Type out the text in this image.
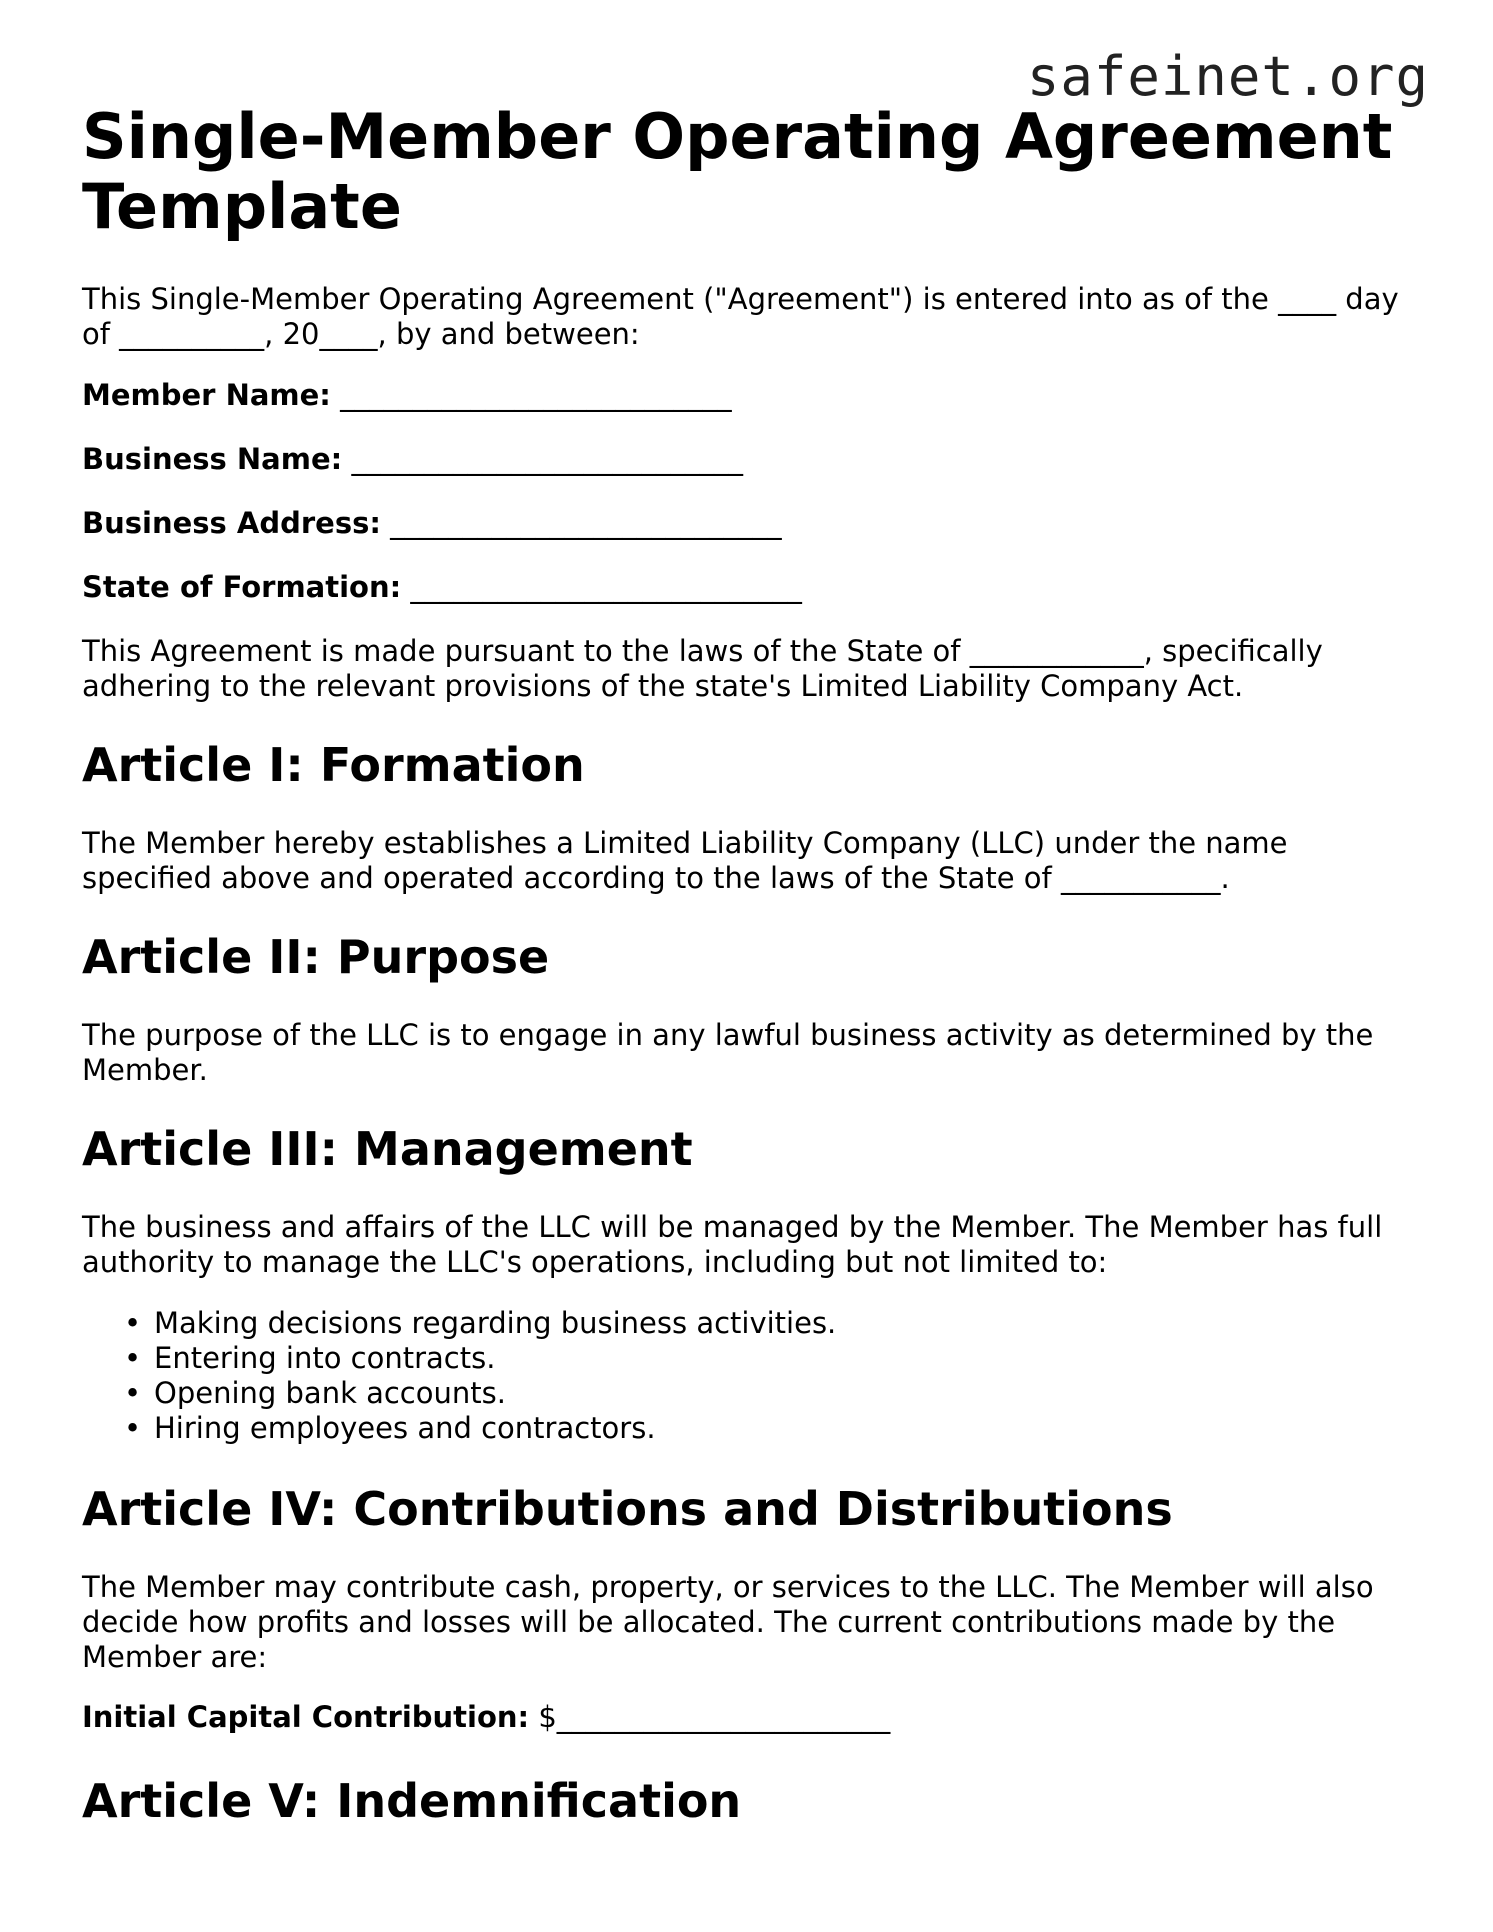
safeinet.org
Single-Member Operating Agreement Template

This Single-Member Operating Agreement ("Agreement") is entered into as of the ____ day of __________, 20____, by and between:

Member Name: ___________________________

Business Name: ___________________________

Business Address: ___________________________

State of Formation: ___________________________

This Agreement is made pursuant to the laws of the State of ____________, specifically adhering to the relevant provisions of the state's Limited Liability Company Act.

Article I: Formation

The Member hereby establishes a Limited Liability Company (LLC) under the name specified above and operated according to the laws of the State of ___________.

Article II: Purpose

The purpose of the LLC is to engage in any lawful business activity as determined by the Member.

Article III: Management

The business and affairs of the LLC will be managed by the Member. The Member has full authority to manage the LLC's operations, including but not limited to:

• Making decisions regarding business activities.
• Entering into contracts.
• Opening bank accounts.
• Hiring employees and contractors.
Article IV: Contributions and Distributions

The Member may contribute cash, property, or services to the LLC. The Member will also decide how profits and losses will be allocated. The current contributions made by the Member are:

Initial Capital Contribution: $_______________________

Article V: Indemnification
